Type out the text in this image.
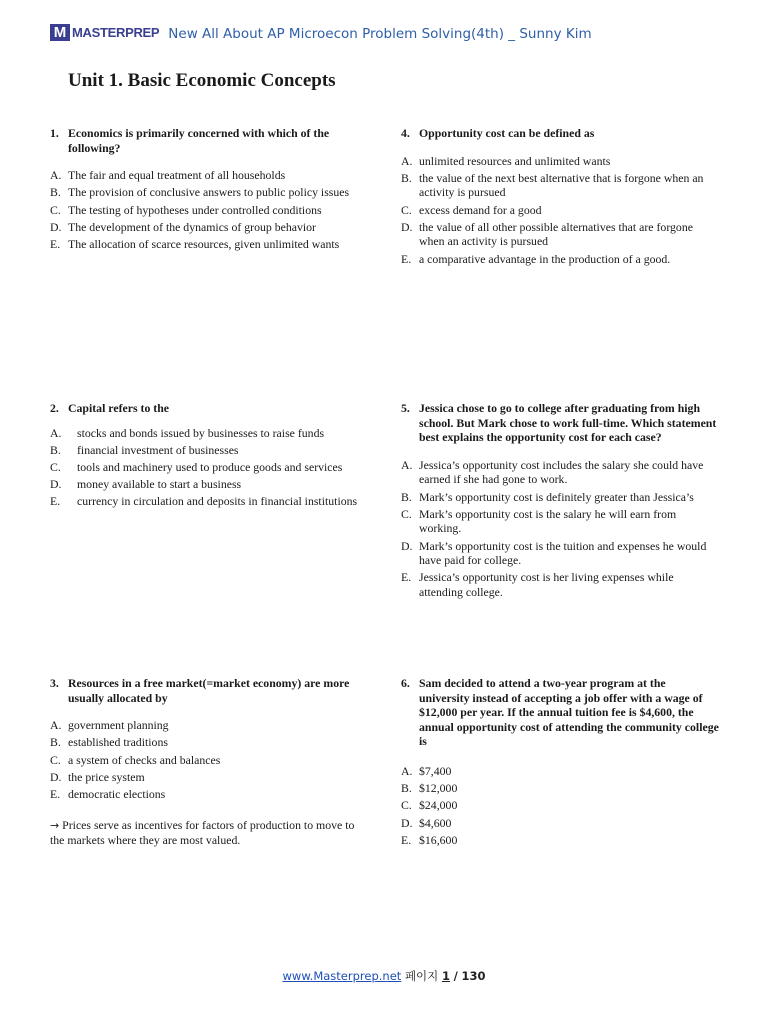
M MASTERPREP New All About AP Microecon Problem Solving(4th) _ Sunny Kim
Unit 1. Basic Economic Concepts
1. Economics is primarily concerned with which of the following?
A. The fair and equal treatment of all households
B. The provision of conclusive answers to public policy issues
C. The testing of hypotheses under controlled conditions
D. The development of the dynamics of group behavior
E. The allocation of scarce resources, given unlimited wants
2. Capital refers to the
A.	stocks and bonds issued by businesses to raise funds
B.	financial investment of businesses
C.	tools and machinery used to produce goods and services
D.	money available to start a business
E.	currency in circulation and deposits in financial institutions
3. Resources in a free market(=market economy) are more usually allocated by
A. government planning
B. established traditions
C. a system of checks and balances
D. the price system
E. democratic elections
→ Prices serve as incentives for factors of production to move to the markets where they are most valued.
4. Opportunity cost can be defined as
A. unlimited resources and unlimited wants
B. the value of the next best alternative that is forgone when an activity is pursued
C. excess demand for a good
D. the value of all other possible alternatives that are forgone when an activity is pursued
E. a comparative advantage in the production of a good.
5. Jessica chose to go to college after graduating from high school. But Mark chose to work full-time. Which statement best explains the opportunity cost for each case?
A. Jessica’s opportunity cost includes the salary she could have earned if she had gone to work.
B. Mark’s opportunity cost is definitely greater than Jessica’s
C. Mark’s opportunity cost is the salary he will earn from working.
D. Mark’s opportunity cost is the tuition and expenses he would have paid for college.
E. Jessica’s opportunity cost is her living expenses while attending college.
6. Sam decided to attend a two-year program at the university instead of accepting a job offer with a wage of $12,000 per year. If the annual tuition fee is $4,600, the annual opportunity cost of attending the community college is
A. $7,400
B. $12,000
C. $24,000
D. $4,600
E. $16,600
www.Masterprep.net 페이지 1 / 130
